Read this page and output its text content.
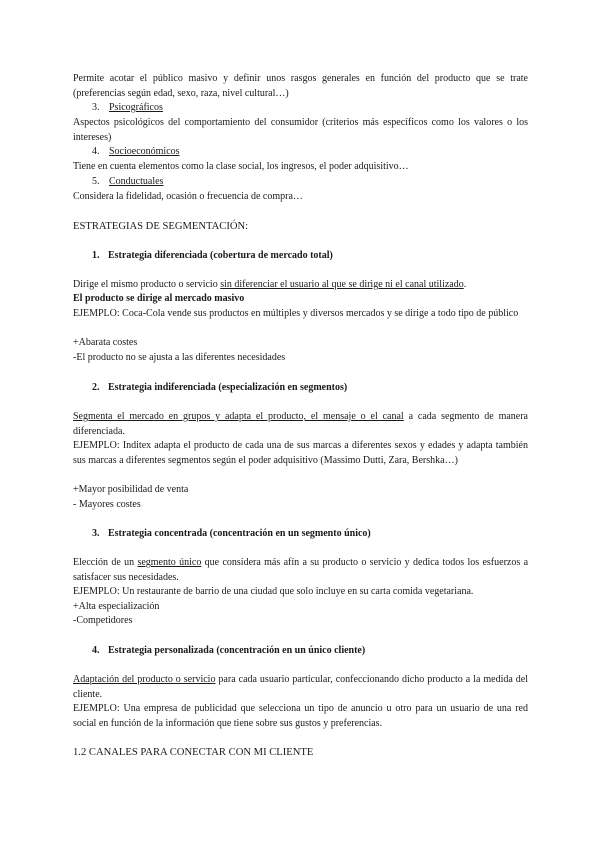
Permite acotar el público masivo y definir unos rasgos generales en función del producto que se trate (preferencias según edad, sexo, raza, nivel cultural…)

3. Psicográficos

Aspectos psicológicos del comportamiento del consumidor (criterios más específicos como los valores o los intereses)

4. Socioeconómicos

Tiene en cuenta elementos como la clase social, los ingresos, el poder adquisitivo…

5. Conductuales

Considera la fidelidad, ocasión o frecuencia de compra…

ESTRATEGIAS DE SEGMENTACIÓN:

1. Estrategia diferenciada (cobertura de mercado total)

Dirige el mismo producto o servicio sin diferenciar el usuario al que se dirige ni el canal utilizado.

El producto se dirige al mercado masivo

EJEMPLO: Coca-Cola vende sus productos en múltiples y diversos mercados y se dirige a todo tipo de público

+Abarata costes

-El producto no se ajusta a las diferentes necesidades

2. Estrategia indiferenciada (especialización en segmentos)

Segmenta el mercado en grupos y adapta el producto, el mensaje o el canal a cada segmento de manera diferenciada.

EJEMPLO: Inditex adapta el producto de cada una de sus marcas a diferentes sexos y edades y adapta también sus marcas a diferentes segmentos según el poder adquisitivo (Massimo Dutti, Zara, Bershka…)

+Mayor posibilidad de venta

- Mayores costes

3. Estrategia concentrada (concentración en un segmento único)

Elección de un segmento único que considera más afín a su producto o servicio y dedica todos los esfuerzos a satisfacer sus necesidades.

EJEMPLO: Un restaurante de barrio de una ciudad que solo incluye en su carta comida vegetariana.

+Alta especialización

-Competidores

4. Estrategia personalizada (concentración en un único cliente)

Adaptación del producto o servicio para cada usuario particular, confeccionando dicho producto a la medida del cliente.

EJEMPLO: Una empresa de publicidad que selecciona un tipo de anuncio u otro para un usuario de una red social en función de la información que tiene sobre sus gustos y preferencias.

1.2 CANALES PARA CONECTAR CON MI CLIENTE
